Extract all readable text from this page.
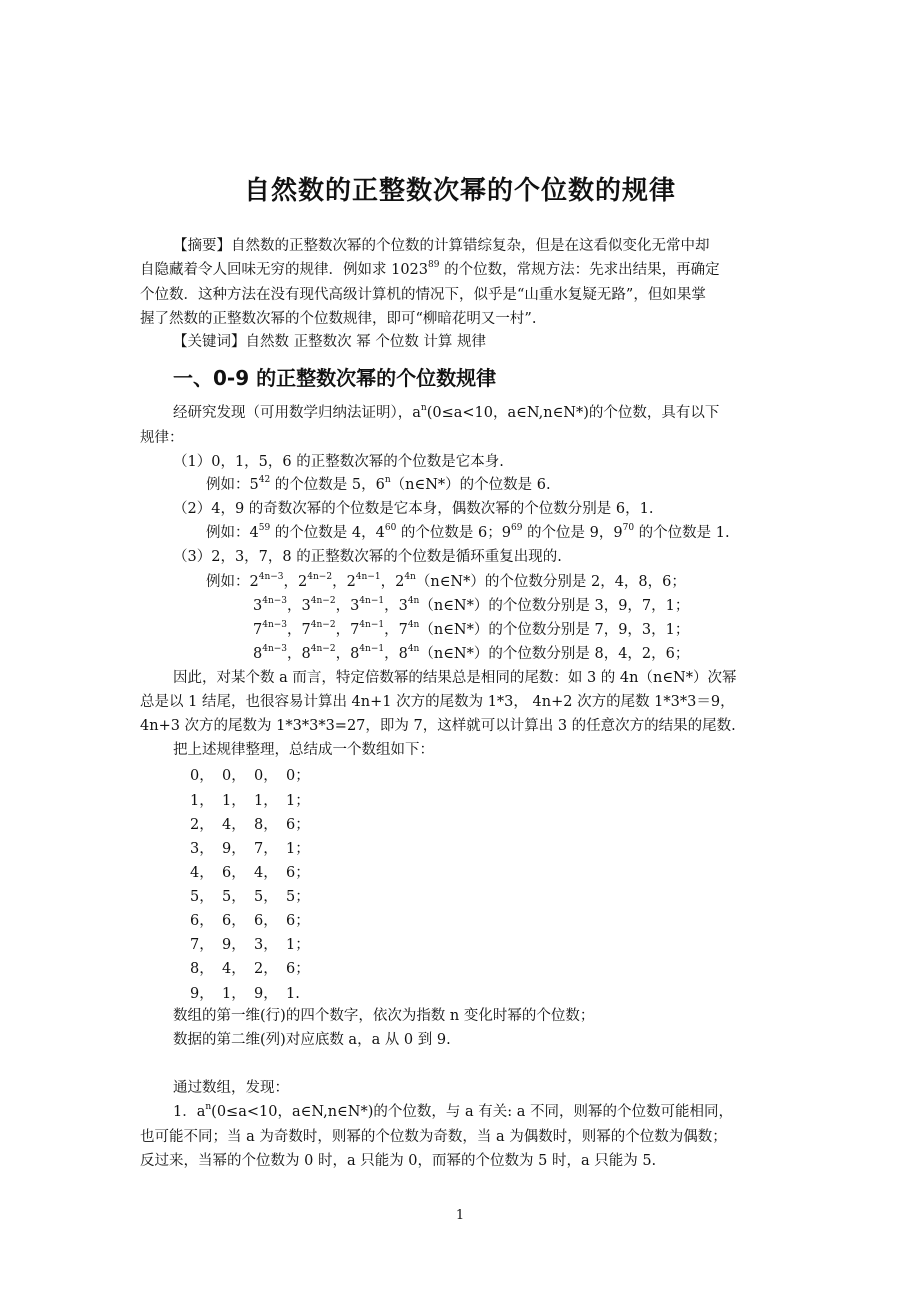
自然数的正整数次幂的个位数的规律
【摘要】自然数的正整数次幂的个位数的计算错综复杂，但是在这看似变化无常中却
自隐藏着令人回味无穷的规律．例如求 1023$^{89}$ 的个位数，常规方法：先求出结果，再确定
个位数．这种方法在没有现代高级计算机的情况下，似乎是“山重水复疑无路”，但如果掌
握了然数的正整数次幂的个位数规律，即可“柳暗花明又一村”.
【关键词】自然数 正整数次 幂 个位数 计算 规律
一、0-9 的正整数次幂的个位数规律
经研究发现（可用数学归纳法证明），$a^n(0\le a<10$，a∈N,n∈N*)的个位数，具有以下
规律：
（1）0，1，5，6 的正整数次幂的个位数是它本身.
例如：$5^{42}$ 的个位数是 5，6$^n$（n∈N*）的个位数是 6.
（2）4，9 的奇数次幂的个位数是它本身，偶数次幂的个位数分别是 6，1.
例如：$4^{59}$ 的个位数是 4，$4^{60}$ 的个位数是 6；$9^{69}$ 的个位是 9，$9^{70}$ 的个位数是 1.
（3）2，3，7，8 的正整数次幂的个位数是循环重复出现的.
例如：$2^{4n-3}$，$2^{4n-2}$，$2^{4n-1}$，$2^{4n}(n\in N*)$的个位数分别是 2，4，8，6；
$3^{4n-3}$，$3^{4n-2}$，$3^{4n-1}$，$3^{4n}(n\in N*)$的个位数分别是 3，9，7，1；
$7^{4n-3}$，$7^{4n-2}$，$7^{4n-1}$，$7^{4n}(n\in N*)$的个位数分别是 7，9，3，1；
$8^{4n-3}$，$8^{4n-2}$，$8^{4n-1}$，$8^{4n}(n\in N*)$的个位数分别是 8，4，2，6；
因此，对某个数 a 而言，特定倍数幂的结果总是相同的尾数：如 3 的 4n（n∈N*）次幂
总是以 1 结尾，也很容易计算出 4n+1 次方的尾数为 1*3， 4n+2 次方的尾数 1*3*3＝9，
4n+3 次方的尾数为 1*3*3*3=27，即为 7，这样就可以计算出 3 的任意次方的结果的尾数.
把上述规律整理，总结成一个数组如下：
0， 0， 0， 0；
1， 1， 1， 1；
2， 4， 8， 6；
3， 9， 7， 1；
4， 6， 4， 6；
5， 5， 5， 5；
6， 6， 6， 6；
7， 9， 3， 1；
8， 4， 2， 6；
9， 1， 9， 1.
数组的第一维(行)的四个数字，依次为指数 n 变化时幂的个位数；
数据的第二维(列)对应底数 a，a 从 0 到 9.
通过数组，发现：
1．$a^n(0\le a<10$，a∈N,n∈N*)的个位数，与 a 有关: a 不同，则幂的个位数可能相同，
也可能不同；当 a 为奇数时，则幂的个位数为奇数，当 a 为偶数时，则幂的个位数为偶数；
反过来，当幂的个位数为 0 时，a 只能为 0，而幂的个位数为 5 时，a 只能为 5.
1
